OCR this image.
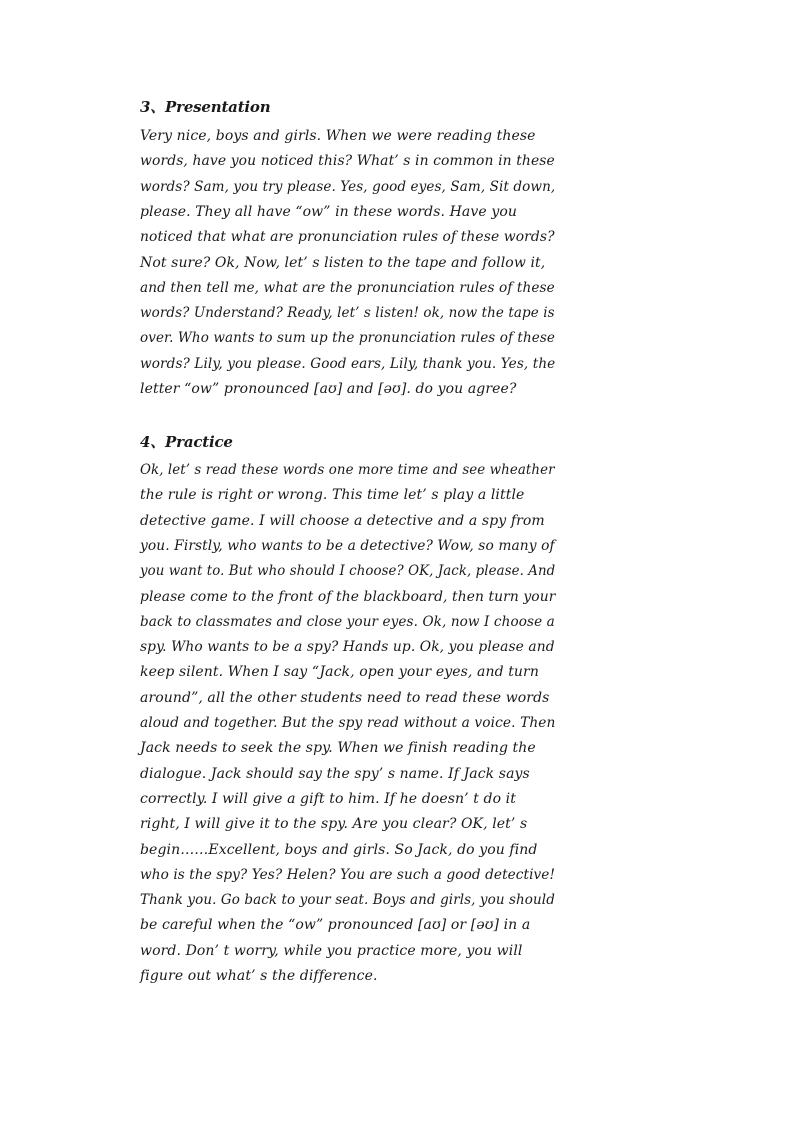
3、Presentation
Very nice, boys and girls. When we were reading these
words, have you noticed this? What’ s in common in these
words? Sam, you try please. Yes, good eyes, Sam, Sit down,
please. They all have “ow” in these words. Have you
noticed that what are pronunciation rules of these words?
Not sure? Ok, Now, let’ s listen to the tape and follow it,
and then tell me, what are the pronunciation rules of these
words? Understand? Ready, let’ s listen! ok, now the tape is
over. Who wants to sum up the pronunciation rules of these
words? Lily, you please. Good ears, Lily, thank you. Yes, the
letter “ow” pronounced [aʊ] and [əʊ]. do you agree?
4、Practice
Ok, let’ s read these words one more time and see wheather
the rule is right or wrong. This time let’ s play a little
detective game. I will choose a detective and a spy from
you. Firstly, who wants to be a detective? Wow, so many of
you want to. But who should I choose? OK, Jack, please. And
please come to the front of the blackboard, then turn your
back to classmates and close your eyes. Ok, now I choose a
spy. Who wants to be a spy? Hands up. Ok, you please and
keep silent. When I say “Jack, open your eyes, and turn
around”, all the other students need to read these words
aloud and together. But the spy read without a voice. Then
Jack needs to seek the spy. When we finish reading the
dialogue. Jack should say the spy’ s name. If Jack says
correctly. I will give a gift to him. If he doesn’ t do it
right, I will give it to the spy. Are you clear? OK, let’ s
begin……Excellent, boys and girls. So Jack, do you find
who is the spy? Yes? Helen? You are such a good detective!
Thank you. Go back to your seat. Boys and girls, you should
be careful when the “ow” pronounced [aʊ] or [əʊ] in a
word. Don’ t worry, while you practice more, you will
figure out what’ s the difference.
